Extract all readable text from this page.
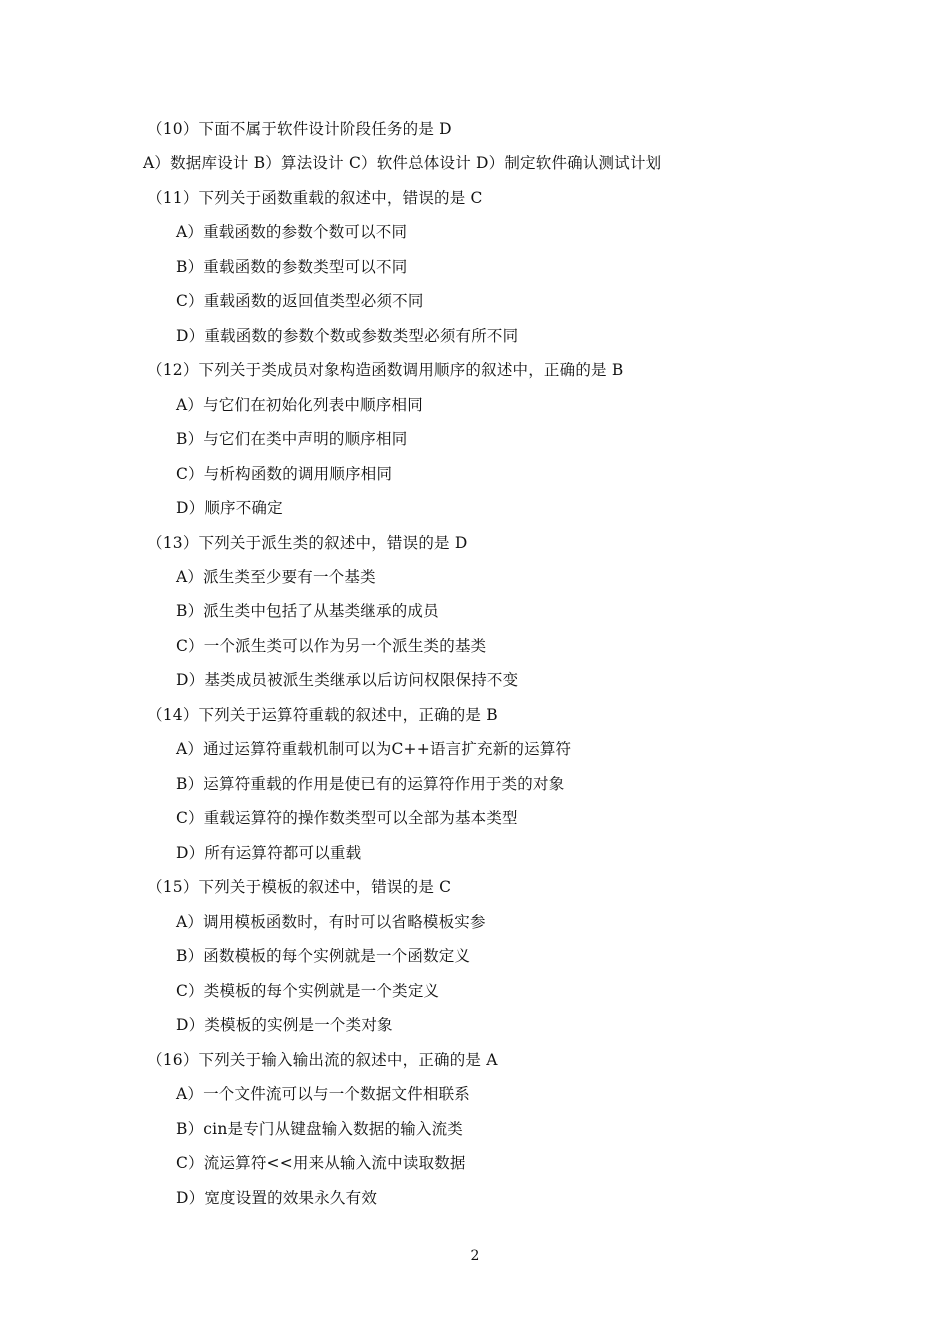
（10）下面不属于软件设计阶段任务的是 D
A）数据库设计 B）算法设计 C）软件总体设计 D）制定软件确认测试计划
（11）下列关于函数重载的叙述中，错误的是 C
A）重载函数的参数个数可以不同
B）重载函数的参数类型可以不同
C）重载函数的返回值类型必须不同
D）重载函数的参数个数或参数类型必须有所不同
（12）下列关于类成员对象构造函数调用顺序的叙述中，正确的是 B
A）与它们在初始化列表中顺序相同
B）与它们在类中声明的顺序相同
C）与析构函数的调用顺序相同
D）顺序不确定
（13）下列关于派生类的叙述中，错误的是 D
A）派生类至少要有一个基类
B）派生类中包括了从基类继承的成员
C）一个派生类可以作为另一个派生类的基类
D）基类成员被派生类继承以后访问权限保持不变
（14）下列关于运算符重载的叙述中，正确的是 B
A）通过运算符重载机制可以为C++语言扩充新的运算符
B）运算符重载的作用是使已有的运算符作用于类的对象
C）重载运算符的操作数类型可以全部为基本类型
D）所有运算符都可以重载
（15）下列关于模板的叙述中，错误的是 C
A）调用模板函数时，有时可以省略模板实参
B）函数模板的每个实例就是一个函数定义
C）类模板的每个实例就是一个类定义
D）类模板的实例是一个类对象
（16）下列关于输入输出流的叙述中，正确的是 A
A）一个文件流可以与一个数据文件相联系
B）cin是专门从键盘输入数据的输入流类
C）流运算符<<用来从输入流中读取数据
D）宽度设置的效果永久有效
2
